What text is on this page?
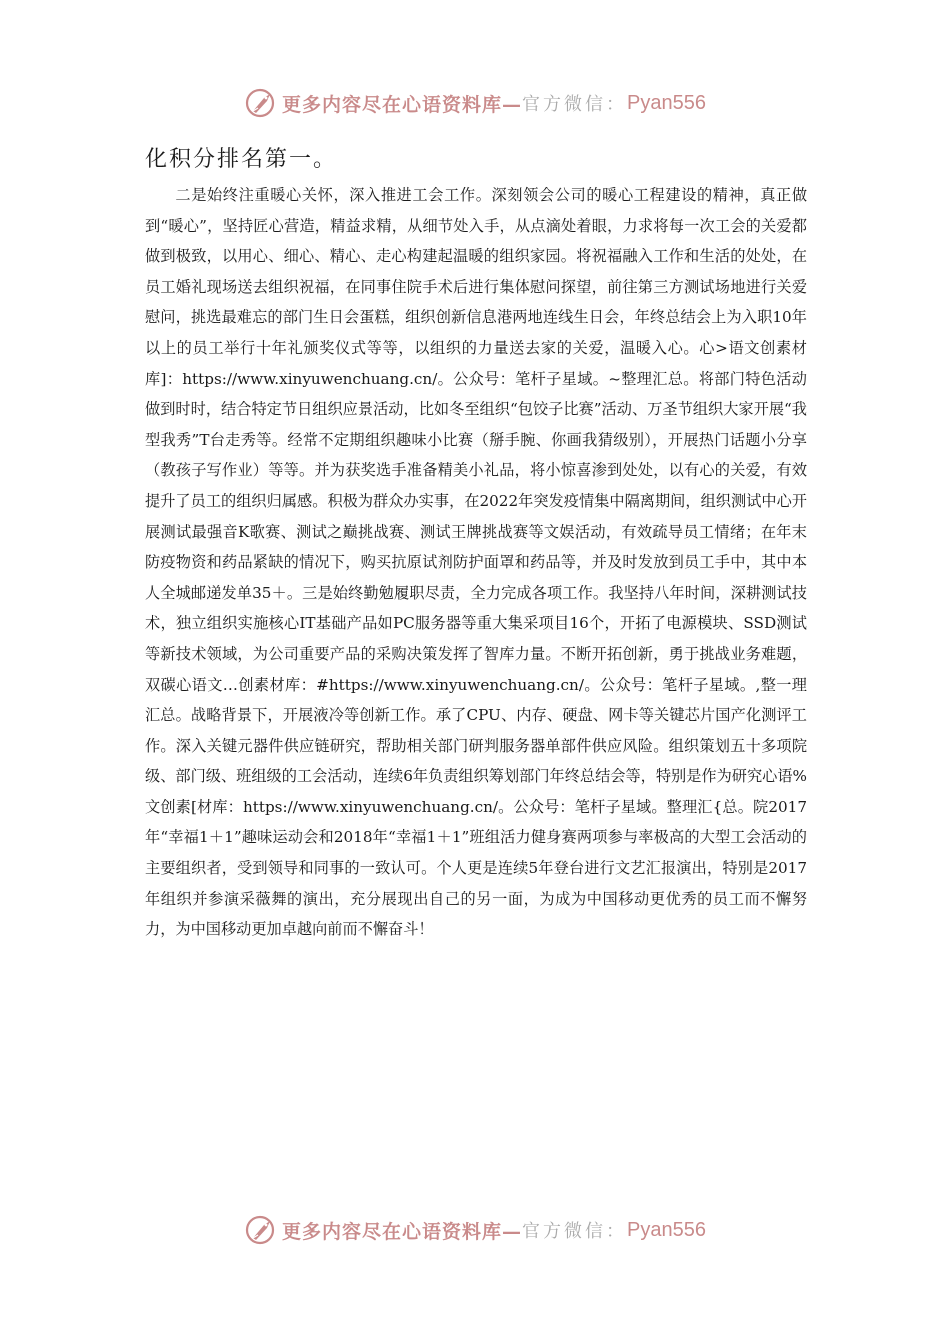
更多内容尽在心语资料库— 官方微信： Pyan556
化积分排名第一。

二是始终注重暖心关怀，深入推进工会工作。深刻领会公司的暖心工程建设的精神，真正做到“暖心”，坚持匠心营造，精益求精，从细节处入手，从点滴处着眼，力求将每一次工会的关爱都做到极致，以用心、细心、精心、走心构建起温暖的组织家园。将祝福融入工作和生活的处处，在员工婚礼现场送去组织祝福，在同事住院手术后进行集体慰问探望，前往第三方测试场地进行关爱慰问，挑选最难忘的部门生日会蛋糕，组织创新信息港两地连线生日会，年终总结会上为入职10年以上的员工举行十年礼颁奖仪式等等，以组织的力量送去家的关爱，温暖入心。心>语文创素材库]：https://www.xinyuwenchuang.cn/。公众号：笔杆子星域。~整理汇总。将部门特色活动做到时时，结合特定节日组织应景活动，比如冬至组织“包饺子比赛”活动、万圣节组织大家开展“我型我秀”T台走秀等。经常不定期组织趣味小比赛（掰手腕、你画我猜级别），开展热门话题小分享（教孩子写作业）等等。并为获奖选手准备精美小礼品，将小惊喜渗到处处，以有心的关爱，有效提升了员工的组织归属感。积极为群众办实事，在2022年突发疫情集中隔离期间，组织测试中心开展测试最强音K歌赛、测试之巅挑战赛、测试王牌挑战赛等文娱活动，有效疏导员工情绪；在年末防疫物资和药品紧缺的情况下，购买抗原试剂防护面罩和药品等，并及时发放到员工手中，其中本人全城邮递发单35＋。三是始终勤勉履职尽责，全力完成各项工作。我坚持八年时间，深耕测试技术，独立组织实施核心IT基础产品如PC服务器等重大集采项目16个，开拓了电源模块、SSD测试等新技术领域，为公司重要产品的采购决策发挥了智库力量。不断开拓创新，勇于挑战业务难题，双碳心语文…创素材库：#https://www.xinyuwenchuang.cn/。公众号：笔杆子星域。,整一理汇总。战略背景下，开展液冷等创新工作。承了CPU、内存、硬盘、网卡等关键芯片国产化测评工作。深入关键元器件供应链研究，帮助相关部门研判服务器单部件供应风险。组织策划五十多项院级、部门级、班组级的工会活动，连续6年负责组织筹划部门年终总结会等，特别是作为研究心语%文创素[材库：https://www.xinyuwenchuang.cn/。公众号：笔杆子星域。整理汇{总。院2017年“幸福1＋1”趣味运动会和2018年“幸福1＋1”班组活力健身赛两项参与率极高的大型工会活动的主要组织者，受到领导和同事的一致认可。个人更是连续5年登台进行文艺汇报演出，特别是2017年组织并参演采薇舞的演出，充分展现出自己的另一面，为成为中国移动更优秀的员工而不懈努力，为中国移动更加卓越向前而不懈奋斗！

更多内容尽在心语资料库— 官方微信： Pyan556
